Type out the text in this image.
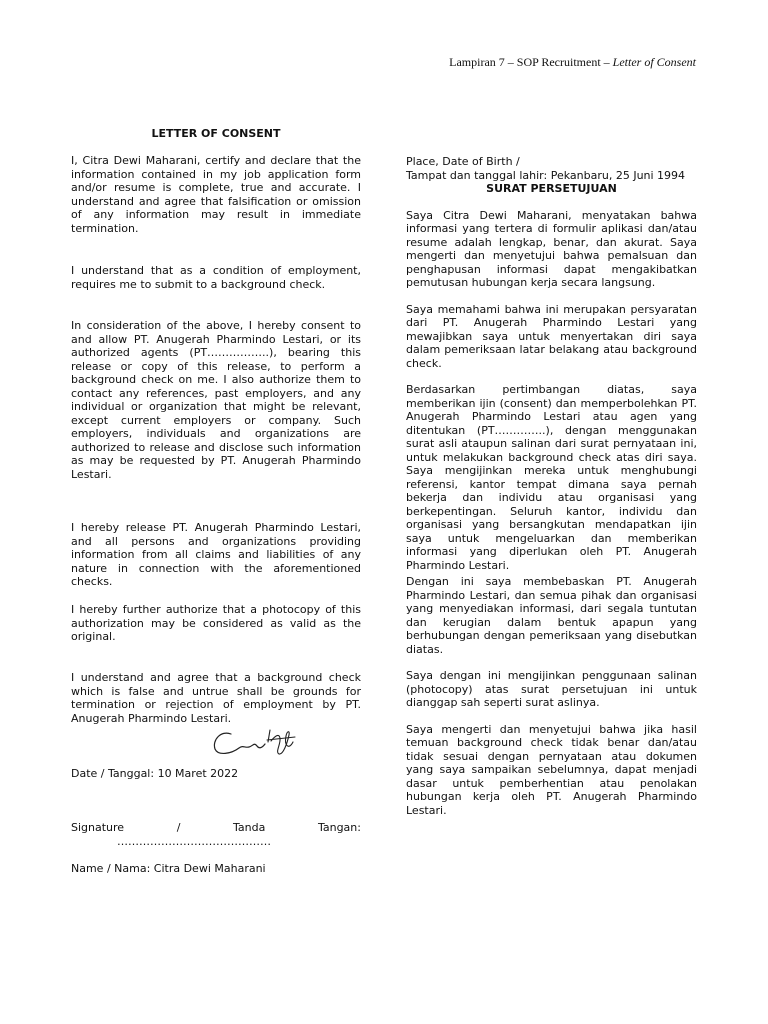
Lampiran 7 – SOP Recruitment – Letter of Consent
LETTER OF CONSENT

I, Citra Dewi Maharani, certify and declare that the information contained in my job application form and/or resume is complete, true and accurate. I understand and agree that falsification or omission of any information may result in immediate termination.

I understand that as a condition of employment, requires me to submit to a background check.

In consideration of the above, I hereby consent to and allow PT. Anugerah Pharmindo Lestari, or its authorized agents (PT……………..), bearing this release or copy of this release, to perform a background check on me. I also authorize them to contact any references, past employers, and any individual or organization that might be relevant, except current employers or company. Such employers, individuals and organizations are authorized to release and disclose such information as may be requested by PT. Anugerah Pharmindo Lestari.

I hereby release PT. Anugerah Pharmindo Lestari, and all persons and organizations providing information from all claims and liabilities of any nature in connection with the aforementioned checks.

I hereby further authorize that a photocopy of this authorization may be considered as valid as the original.

I understand and agree that a background check which is false and untrue shall be grounds for termination or rejection of employment by PT. Anugerah Pharmindo Lestari.

Date / Tanggal: 10 Maret 2022

Signature	/	Tanda	Tangan:

……………………………………

Name / Nama: Citra Dewi Maharani

Place, Date of Birth /

Tampat dan tanggal lahir: Pekanbaru, 25 Juni 1994

SURAT PERSETUJUAN

Saya Citra Dewi Maharani, menyatakan bahwa informasi yang tertera di formulir aplikasi dan/atau resume adalah lengkap, benar, dan akurat. Saya mengerti dan menyetujui bahwa pemalsuan dan penghapusan informasi dapat mengakibatkan pemutusan hubungan kerja secara langsung.

Saya memahami bahwa ini merupakan persyaratan dari PT. Anugerah Pharmindo Lestari yang mewajibkan saya untuk menyertakan diri saya dalam pemeriksaan latar belakang atau background check.

Berdasarkan pertimbangan diatas, saya memberikan ijin (consent) dan memperbolehkan PT. Anugerah Pharmindo Lestari atau agen yang ditentukan (PT…………..), dengan menggunakan surat asli ataupun salinan dari surat pernyataan ini, untuk melakukan background check atas diri saya. Saya mengijinkan mereka untuk menghubungi referensi, kantor tempat dimana saya pernah bekerja dan individu atau organisasi yang berkepentingan. Seluruh kantor, individu dan organisasi yang bersangkutan mendapatkan ijin saya untuk mengeluarkan dan memberikan informasi yang diperlukan oleh PT. Anugerah Pharmindo Lestari.

Dengan ini saya membebaskan PT. Anugerah Pharmindo Lestari, dan semua pihak dan organisasi yang menyediakan informasi, dari segala tuntutan dan kerugian dalam bentuk apapun yang berhubungan dengan pemeriksaan yang disebutkan diatas.

Saya dengan ini mengijinkan penggunaan salinan (photocopy) atas surat persetujuan ini untuk dianggap sah seperti surat aslinya.

Saya mengerti dan menyetujui bahwa jika hasil temuan background check tidak benar dan/atau tidak sesuai dengan pernyataan atau dokumen yang saya sampaikan sebelumnya, dapat menjadi dasar untuk pemberhentian atau penolakan hubungan kerja oleh PT. Anugerah Pharmindo Lestari.
